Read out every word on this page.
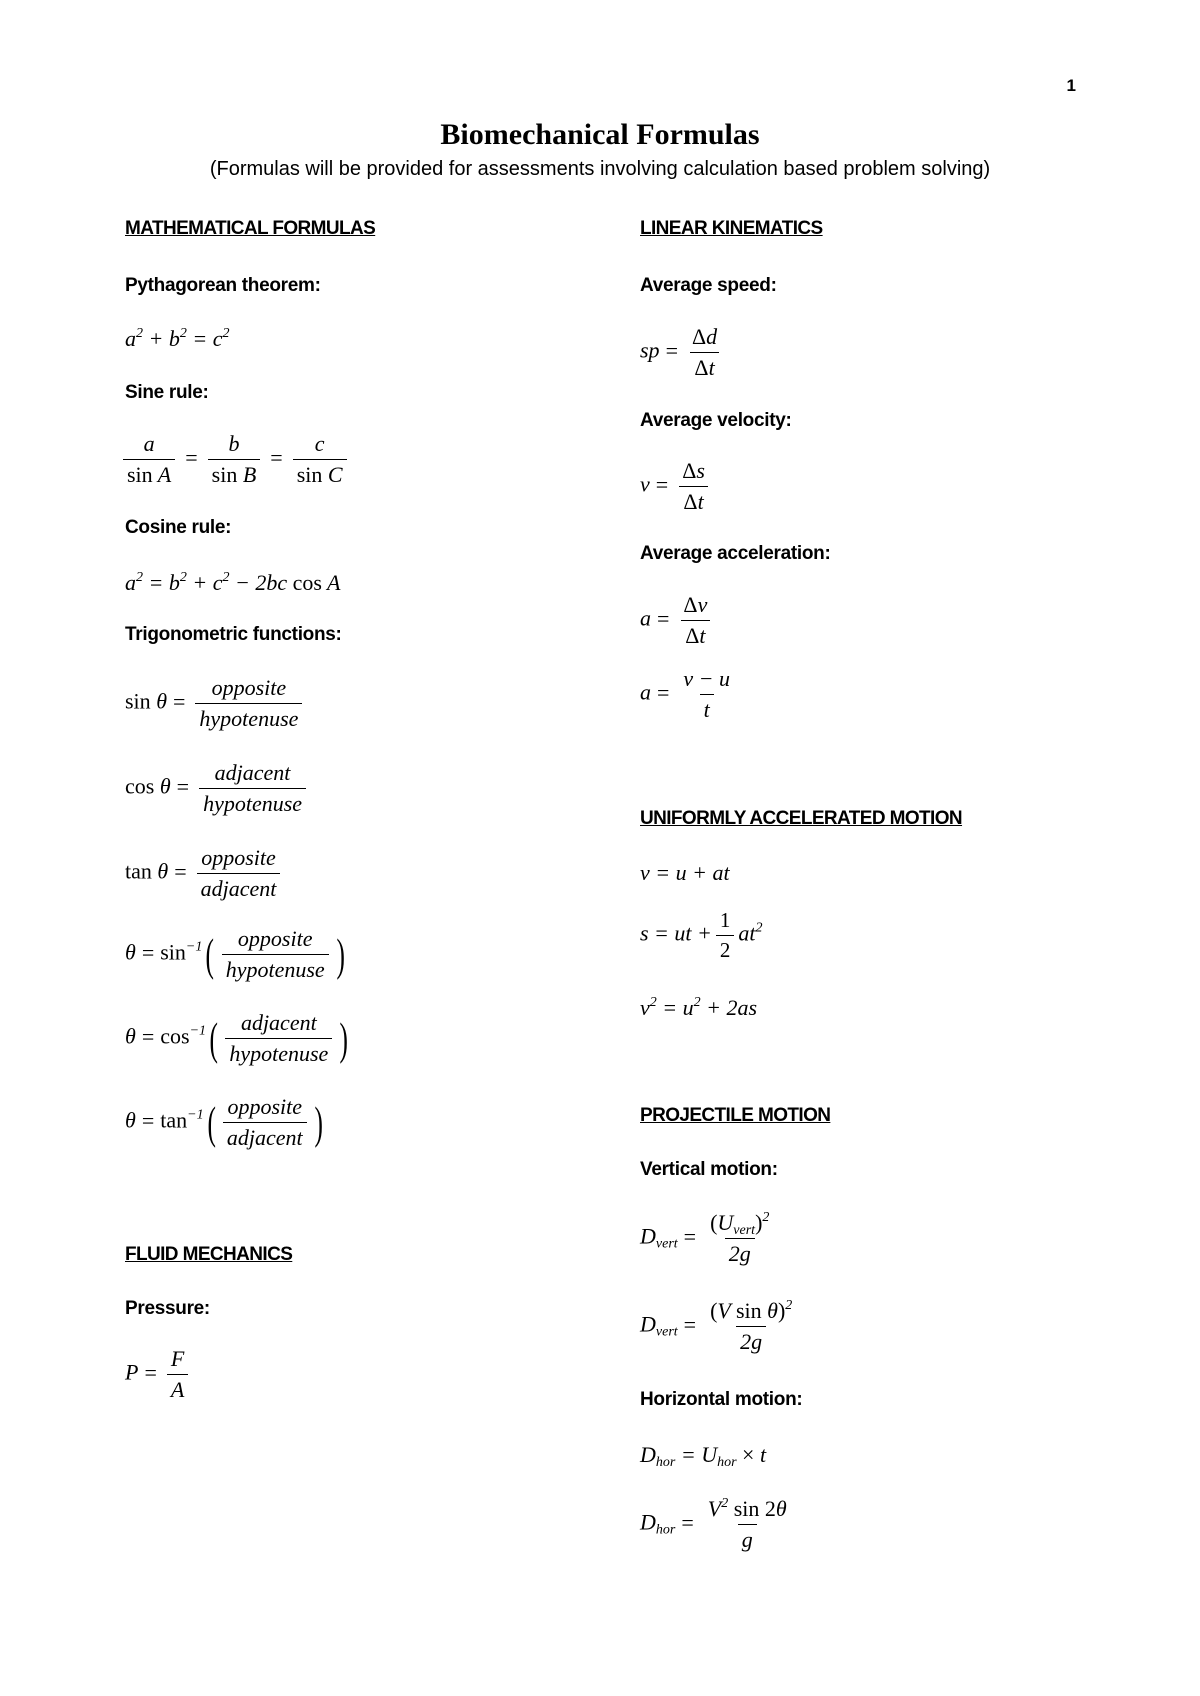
1
Biomechanical Formulas
(Formulas will be provided for assessments involving calculation based problem solving)
MATHEMATICAL FORMULAS
Pythagorean theorem:
$a^2 + b^2 = c^2$
Sine rule:
$\frac{a}{\text{sin A}} = \frac{b}{\text{sin B}} = \frac{c}{\text{sin C}}$
Cosine rule:
$a^2 = b^2 + c^2 - 2bc$ cos A
Trigonometric functions:
$\sin \theta = \frac{\text{opposite}}{\text{hypotenuse}}$
$\cos \theta = \frac{\text{adjacent}}{\text{hypotenuse}}$
$\tan \theta = \frac{\text{opposite}}{\text{adjacent}}$
$\theta = \sin^{-1}( \frac{\text{opposite}}{\text{hypotenuse}}$ )
$\theta = \cos^{-1}( \frac{\text{adjacent}}{\text{hypotenuse}}$ )
$\theta = \tan^{-1}( \frac{\text{opposite}}{\text{adjacent}}$ )
FLUID MECHANICS
Pressure:
$P = \frac{F}{A}$
LINEAR KINEMATICS
Average speed:
sp = $\frac{\Delta d}{\Delta t}$
Average velocity:
$v = \frac{\Delta s}{\Delta t}$
Average acceleration:
$a = \frac{\Delta v}{\Delta t}$
$a = \frac{v - u}{t}$
UNIFORMLY ACCELERATED MOTION
v = u + at
s = ut + $\frac{1}{2} at^2$
$v^2 = u^2 + 2as$
PROJECTILE MOTION
Vertical motion:
$D_{vert} = \frac{(U_{vert})^2}{2g}$
$D_{vert} = \frac{(V \sin \theta)^2}{2g}$
Horizontal motion:
$D_{hor} = U_{hor} \times t$
$D_{hor} = \frac{V^2 \sin 2\theta}{g}$
